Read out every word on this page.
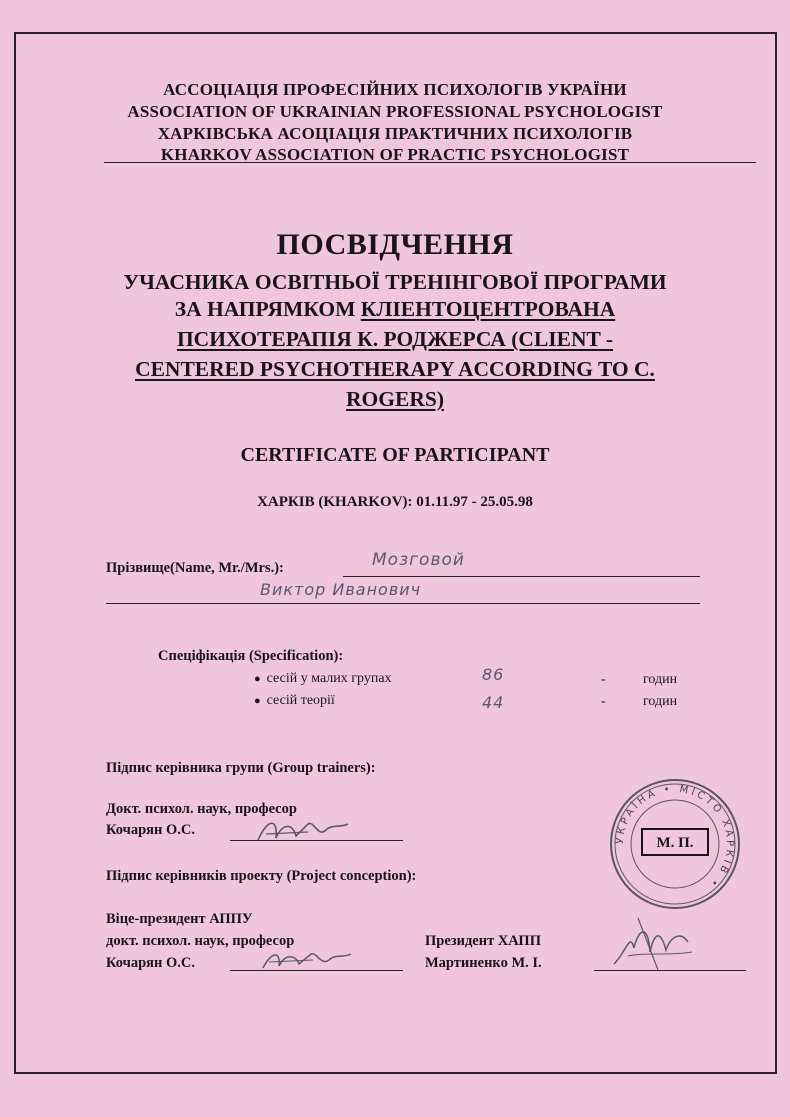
АССОЦІАЦІЯ ПРОФЕСІЙНИХ ПСИХОЛОГІВ УКРАЇНИ
ASSOCIATION OF UKRAINIAN PROFESSIONAL PSYCHOLOGIST
ХАРКІВСЬКА АСОЦІАЦІЯ ПРАКТИЧНИХ ПСИХОЛОГІВ
KHARKOV ASSOCIATION OF PRACTIC PSYCHOLOGIST
ПОСВІДЧЕННЯ
УЧАСНИКА ОСВІТНЬОЇ ТРЕНІНГОВОЇ ПРОГРАМИ
ЗА НАПРЯМКОМ КЛІЕНТОЦЕНТРОВАНА
ПСИХОТЕРАПІЯ К. РОДЖЕРСА (CLIENT -
CENTERED PSYCHOTHERAPY ACCORDING TO C.
ROGERS)
CERTIFICATE OF PARTICIPANT
ХАРКІВ (KHARKOV): 01.11.97 - 25.05.98
Прізвище(Name, Mr./Mrs.):	Мозговой
Виктор Иванович
Спеціфікація (Specification):
● сесій у малих групах	86	-	годин
● сесій теорії	44	-	годин
Підпис керівника групи (Group trainers):
Докт. психол. наук, професор
Кочарян О.С.
Підпис керівників проекту (Project conception):
Віце-президент АППУ
докт. психол. наук, професор
Кочарян О.С.
Президент ХАПП
Мартиненко М. І.
УКРАЇНА • МІСТО ХАРКІВ •
М. П.
